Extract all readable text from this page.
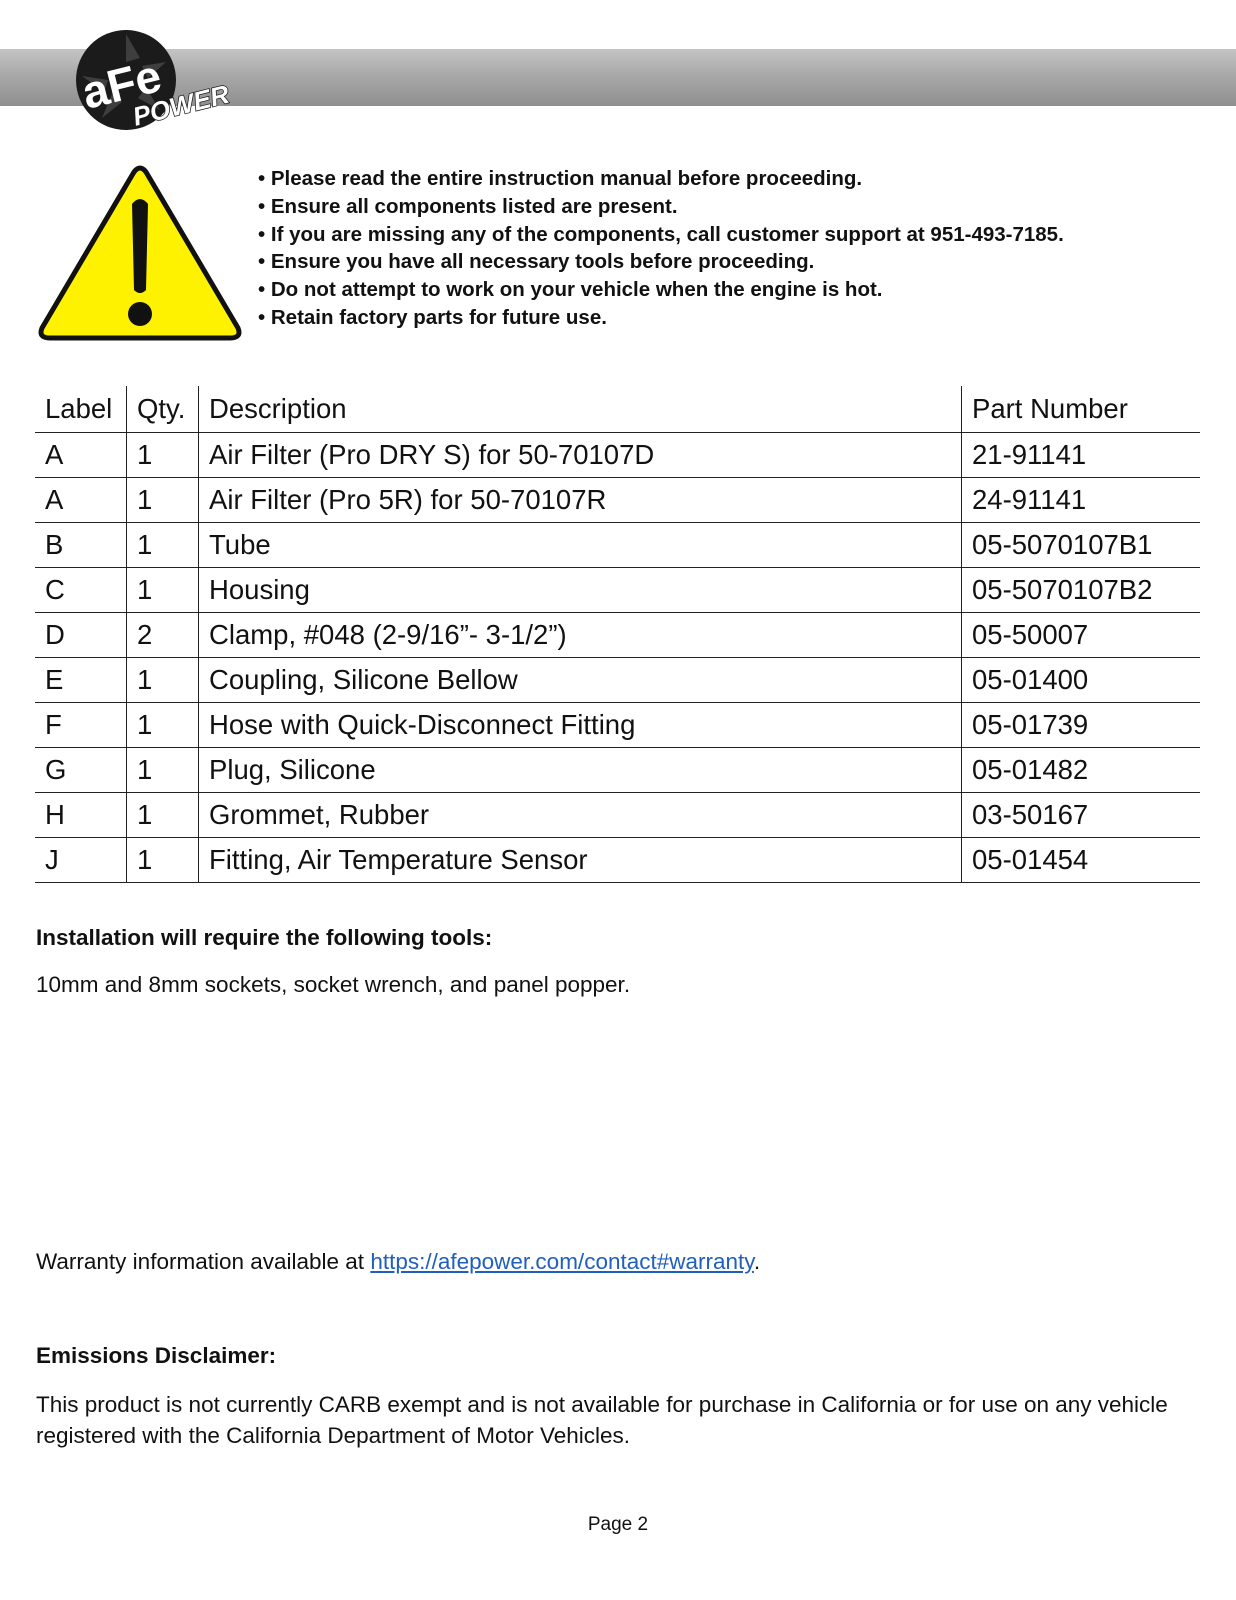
aFe
POWER
• Please read the entire instruction manual before proceeding.
• Ensure all components listed are present.
• If you are missing any of the components, call customer support at 951-493-7185.
• Ensure you have all necessary tools before proceeding.
• Do not attempt to work on your vehicle when the engine is hot.
• Retain factory parts for future use.
Label	Qty.	Description	Part Number
A	1	Air Filter (Pro DRY S) for 50-70107D	21-91141
A	1	Air Filter (Pro 5R) for 50-70107R	24-91141
B	1	Tube	05-5070107B1
C	1	Housing	05-5070107B2
D	2	Clamp, #048 (2-9/16”- 3-1/2”)	05-50007
E	1	Coupling, Silicone Bellow	05-01400
F	1	Hose with Quick-Disconnect Fitting	05-01739
G	1	Plug, Silicone	05-01482
H	1	Grommet, Rubber	03-50167
J	1	Fitting, Air Temperature Sensor	05-01454

Installation will require the following tools:

10mm and 8mm sockets, socket wrench, and panel popper.

Warranty information available at https://afepower.com/contact#warranty.

Emissions Disclaimer:

This product is not currently CARB exempt and is not available for purchase in California or for use on any vehicle registered with the California Department of Motor Vehicles.

Page 2
